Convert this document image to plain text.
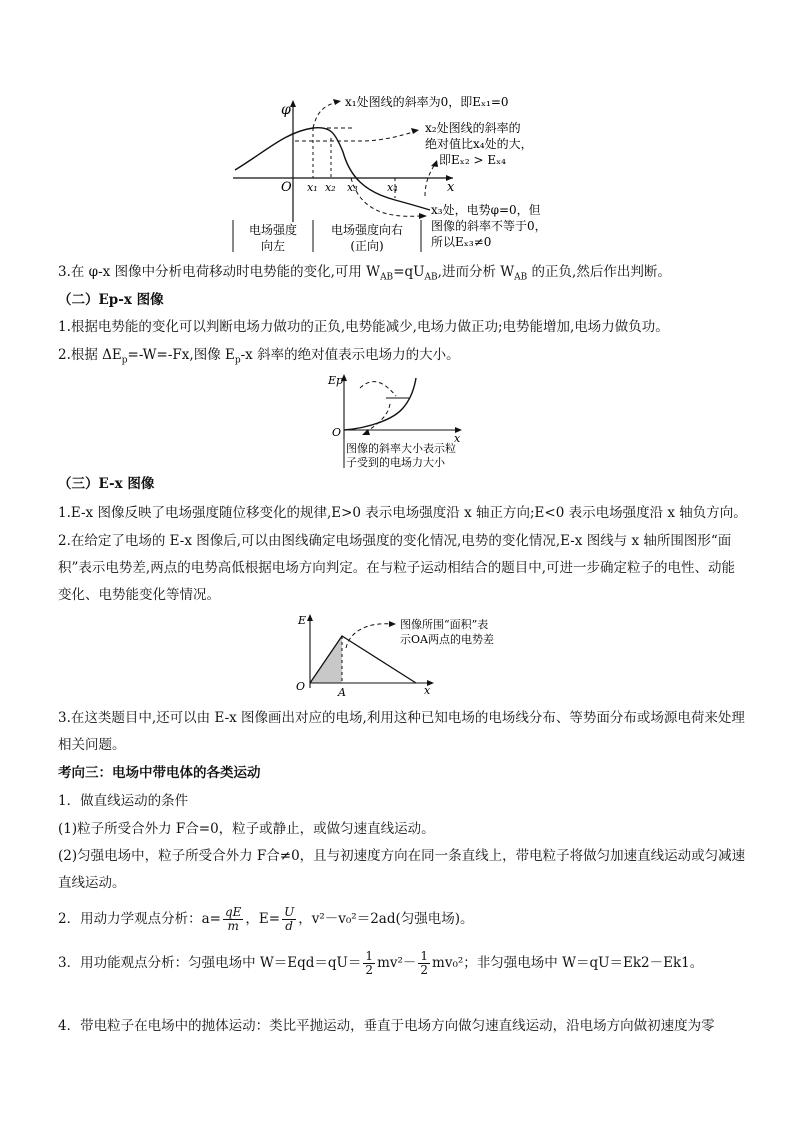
φ
O	x
x₁ x₂ x₃	x₄
x₁处图线的斜率为0，即Eₓ₁=0
x₂处图线的斜率的
绝对值比x₄处的大，
即Eₓ₂ > Eₓ₄
x₃处，电势φ=0，但
图像的斜率不等于0，
所以Eₓ₃≠0
电场强度
向左
电场强度向右
(正向)
3.在 φ-x 图像中分析电荷移动时电势能的变化,可用 $W_{AB}=qU_{AB}$,进而分析 $W_{AB}$ 的正负,然后作出判断。
（二）Ep-x 图像
1.根据电势能的变化可以判断电场力做功的正负,电势能减少,电场力做正功;电势能增加,电场力做负功。
2.根据 $\Delta E_p=-W=-Fx$,图像 $E_p-x$ 斜率的绝对值表示电场力的大小。
Ep
O	x
图像的斜率大小表示粒
子受到的电场力大小
（三）E-x 图像
1.E-x 图像反映了电场强度随位移变化的规律,E>0 表示电场强度沿 x 轴正方向;E<0 表示电场强度沿 x 轴负方向。
2.在给定了电场的 E-x 图像后,可以由图线确定电场强度的变化情况,电势的变化情况,E-x 图线与 x 轴所围图形“面积”表示电势差,两点的电势高低根据电场方向判定。在与粒子运动相结合的题目中,可进一步确定粒子的电性、动能变化、电势能变化等情况。
E
O	x
A
图像所围“面积”表
示OA两点的电势差
3.在这类题目中,还可以由 E-x 图像画出对应的电场,利用这种已知电场的电场线分布、等势面分布或场源电荷来处理相关问题。
考向三：电场中带电体的各类运动
1．做直线运动的条件
(1)粒子所受合外力 F合=0，粒子或静止，或做匀速直线运动。
(2)匀强电场中，粒子所受合外力 F合≠0，且与初速度方向在同一条直线上，带电粒子将做匀加速直线运动或匀减速直线运动。
2．用动力学观点分析：$a= \frac{qE}{m}$ ，$E= \frac{U}{d}$ ，v²－v₀²＝2ad(匀强电场)。
3．用功能观点分析：匀强电场中 $W=Eqd=qU= \frac{1}{2} mv^2- \frac{1}{2} mv_0^2$；非匀强电场中 W＝qU＝Ek2－Ek1。
4．带电粒子在电场中的抛体运动：类比平抛运动，垂直于电场方向做匀速直线运动，沿电场方向做初速度为零
